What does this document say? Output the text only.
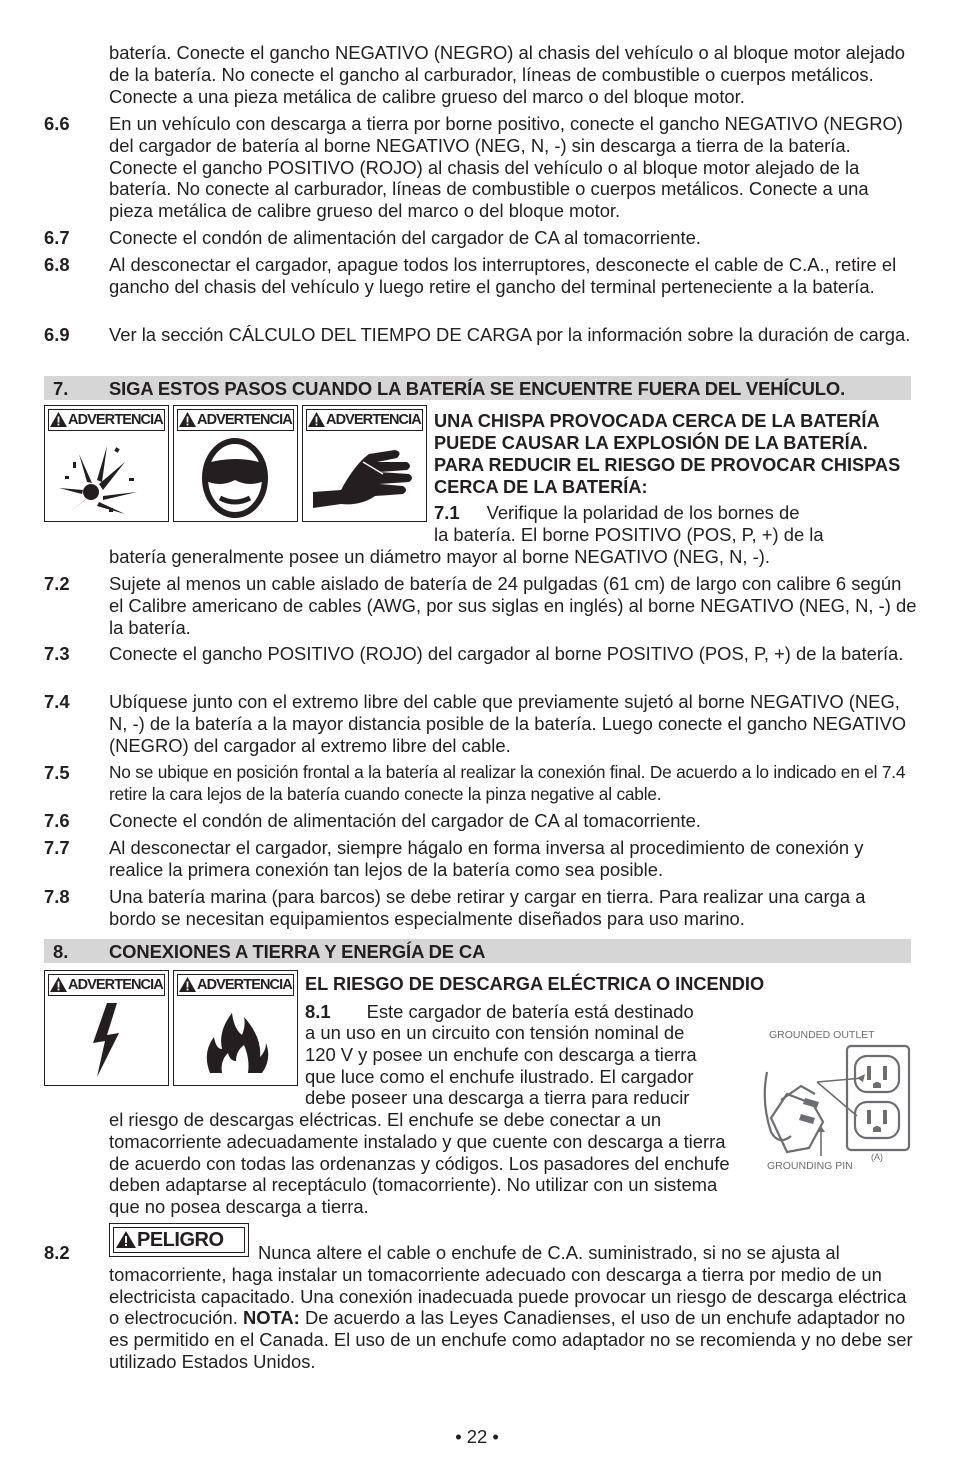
batería. Conecte el gancho NEGATIVO (NEGRO) al chasis del vehículo o al bloque motor alejado de la batería. No conecte el gancho al carburador, líneas de combustible o cuerpos metálicos. Conecte a una pieza metálica de calibre grueso del marco o del bloque motor.
6.6 En un vehículo con descarga a tierra por borne positivo, conecte el gancho NEGATIVO (NEGRO) del cargador de batería al borne NEGATIVO (NEG, N, -) sin descarga a tierra de la batería. Conecte el gancho POSITIVO (ROJO) al chasis del vehículo o al bloque motor alejado de la batería. No conecte al carburador, líneas de combustible o cuerpos metálicos. Conecte a una pieza metálica de calibre grueso del marco o del bloque motor.
6.7 Conecte el condón de alimentación del cargador de CA al tomacorriente.
6.8 Al desconectar el cargador, apague todos los interruptores, desconecte el cable de C.A., retire el gancho del chasis del vehículo y luego retire el gancho del terminal perteneciente a la batería.
6.9 Ver la sección CÁLCULO DEL TIEMPO DE CARGA por la información sobre la duración de carga.
7. SIGA ESTOS PASOS CUANDO LA BATERÍA SE ENCUENTRE FUERA DEL VEHÍCULO.
ADVERTENCIA	ADVERTENCIA	ADVERTENCIA UNA CHISPA PROVOCADA CERCA DE LA BATERÍA PUEDE CAUSAR LA EXPLOSIÓN DE LA BATERÍA. PARA REDUCIR EL RIESGO DE PROVOCAR CHISPAS CERCA DE LA BATERÍA:
7.1 Verifique la polaridad de los bornes de
la batería. El borne POSITIVO (POS, P, +) de la
batería generalmente posee un diámetro mayor al borne NEGATIVO (NEG, N, -).
7.2 Sujete al menos un cable aislado de batería de 24 pulgadas (61 cm) de largo con calibre 6 según el Calibre americano de cables (AWG, por sus siglas en inglés) al borne NEGATIVO (NEG, N, -) de la batería.
7.3 Conecte el gancho POSITIVO (ROJO) del cargador al borne POSITIVO (POS, P, +) de la batería.
7.4 Ubíquese junto con el extremo libre del cable que previamente sujetó al borne NEGATIVO (NEG, N, -) de la batería a la mayor distancia posible de la batería. Luego conecte el gancho NEGATIVO (NEGRO) del cargador al extremo libre del cable.
7.5 No se ubique en posición frontal a la batería al realizar la conexión final. De acuerdo a lo indicado en el 7.4 retire la cara lejos de la batería cuando conecte la pinza negative al cable.
7.6 Conecte el condón de alimentación del cargador de CA al tomacorriente.
7.7 Al desconectar el cargador, siempre hágalo en forma inversa al procedimiento de conexión y realice la primera conexión tan lejos de la batería como sea posible.
7.8 Una batería marina (para barcos) se debe retirar y cargar en tierra. Para realizar una carga a bordo se necesitan equipamientos especialmente diseñados para uso marino.
8. CONEXIONES A TIERRA Y ENERGÍA DE CA
ADVERTENCIA	ADVERTENCIA EL RIESGO DE DESCARGA ELÉCTRICA O INCENDIO
8.1 Este cargador de batería está destinado
a un uso en un circuito con tensión nominal de
120 V y posee un enchufe con descarga a tierra
que luce como el enchufe ilustrado. El cargador
debe poseer una descarga a tierra para reducir
el riesgo de descargas eléctricas. El enchufe se debe conectar a un tomacorriente adecuadamente instalado y que cuente con descarga a tierra de acuerdo con todas las ordenanzas y códigos. Los pasadores del enchufe deben adaptarse al receptáculo (tomacorriente). No utilizar con un sistema que no posea descarga a tierra.
GROUNDED OUTLET
GROUNDING PIN
(A)
8.2
PELIGRO
Nunca altere el cable o enchufe de C.A. suministrado, si no se ajusta al tomacorriente, haga instalar un tomacorriente adecuado con descarga a tierra por medio de un electricista capacitado. Una conexión inadecuada puede provocar un riesgo de descarga eléctrica o electrocución. NOTA: De acuerdo a las Leyes Canadienses, el uso de un enchufe adaptador no es permitido en el Canada. El uso de un enchufe como adaptador no se recomienda y no debe ser utilizado Estados Unidos.
• 22 •
